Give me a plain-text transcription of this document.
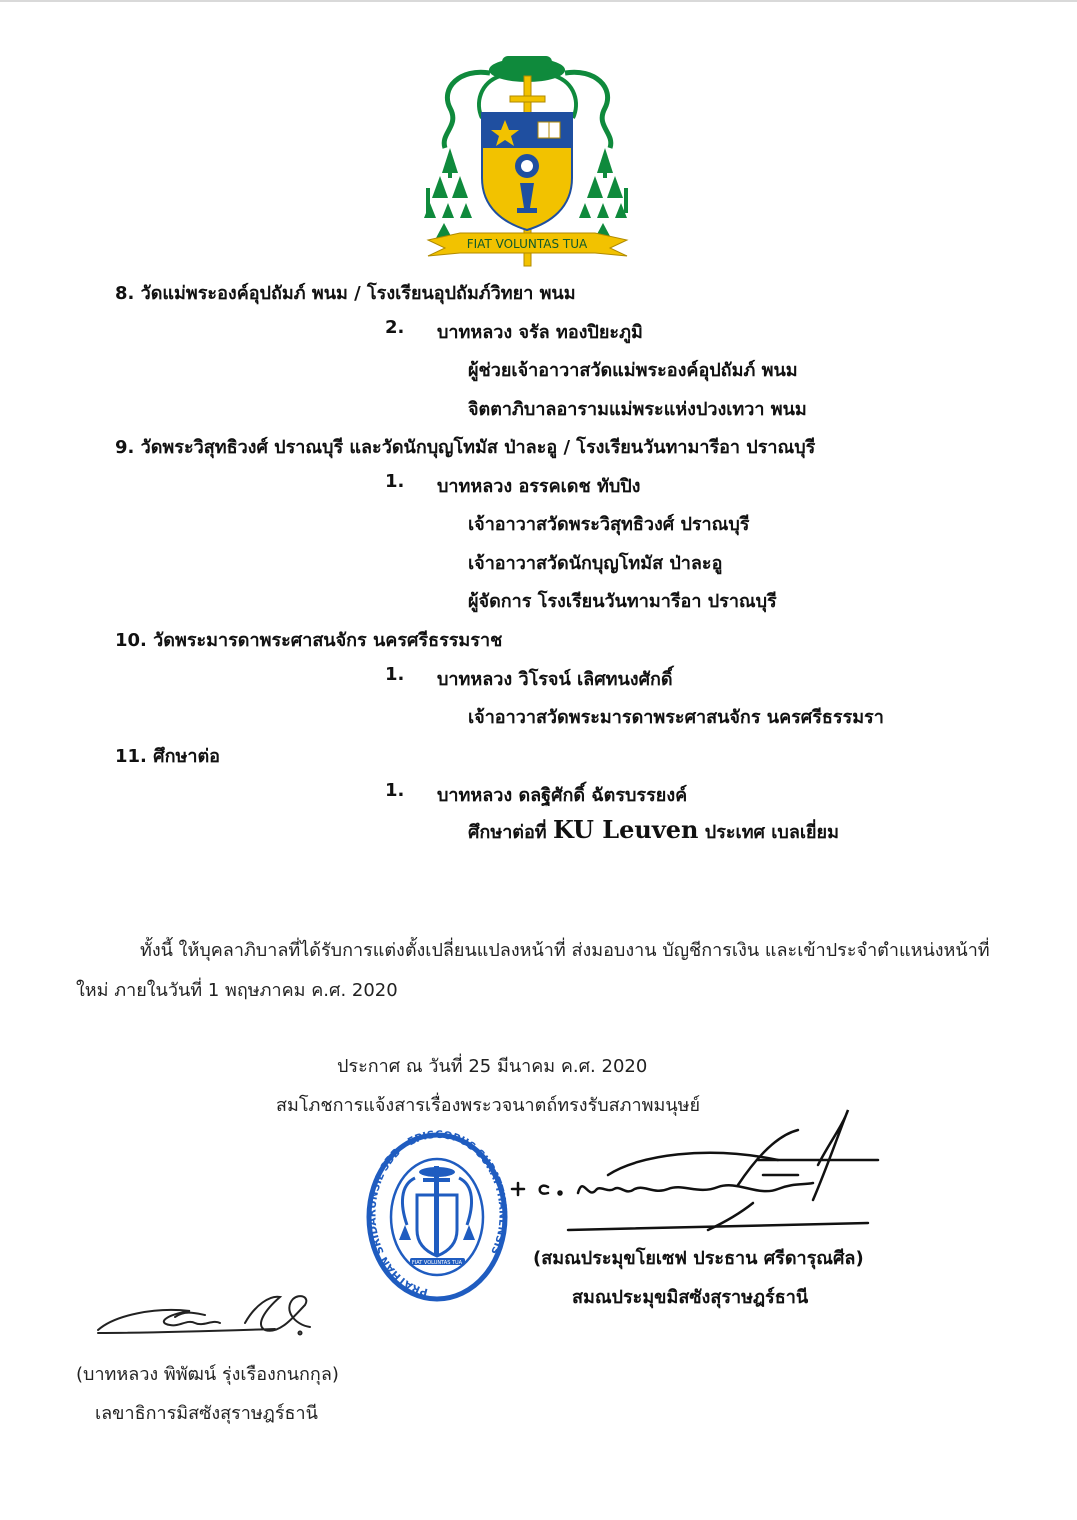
FIAT VOLUNTAS TUA
8. วัดแม่พระองค์อุปถัมภ์ พนม / โรงเรียนอุปถัมภ์วิทยา พนม
2. บาทหลวง จรัล ทองปิยะภูมิ
ผู้ช่วยเจ้าอาวาสวัดแม่พระองค์อุปถัมภ์ พนม
จิตตาภิบาลอารามแม่พระแห่งปวงเทวา พนม
9. วัดพระวิสุทธิวงศ์ ปราณบุรี และวัดนักบุญโทมัส ป่าละอู / โรงเรียนวันทามารีอา ปราณบุรี
1. บาทหลวง อรรคเดช ทับปิง
เจ้าอาวาสวัดพระวิสุทธิวงศ์ ปราณบุรี
เจ้าอาวาสวัดนักบุญโทมัส ป่าละอู
ผู้จัดการ โรงเรียนวันทามารีอา ปราณบุรี
10. วัดพระมารดาพระศาสนจักร นครศรีธรรมราช
1. บาทหลวง วิโรจน์ เลิศทนงศักดิ์
เจ้าอาวาสวัดพระมารดาพระศาสนจักร นครศรีธรรมรา
11. ศึกษาต่อ
1. บาทหลวง ดลฐิศักดิ์ ฉัตรบรรยงค์
ศึกษาต่อที่ KU Leuven ประเทศ เบลเยี่ยม
ทั้งนี้ ให้บุคลาภิบาลที่ได้รับการแต่งตั้งเปลี่ยนแปลงหน้าที่ ส่งมอบงาน บัญชีการเงิน และเข้าประจำตำแหน่งหน้าที่
ใหม่ ภายในวันที่ 1 พฤษภาคม ค.ศ. 2020
ประกาศ ณ วันที่ 25 มีนาคม ค.ศ. 2020
สมโภชการแจ้งสารเรื่องพระวจนาตถ์ทรงรับสภาพมนุษย์
PRATHAN SRIDARUNSIL SDB · EPISCOPUS SURATTHANENSIS
FIAT VOLUNTAS TUA	(สมณประมุขโยเซฟ ประธาน ศรีดารุณศีล)
สมณประมุขมิสซังสุราษฎร์ธานี
(บาทหลวง พิพัฒน์ รุ่งเรืองกนกกุล)
เลขาธิการมิสซังสุราษฎร์ธานี
